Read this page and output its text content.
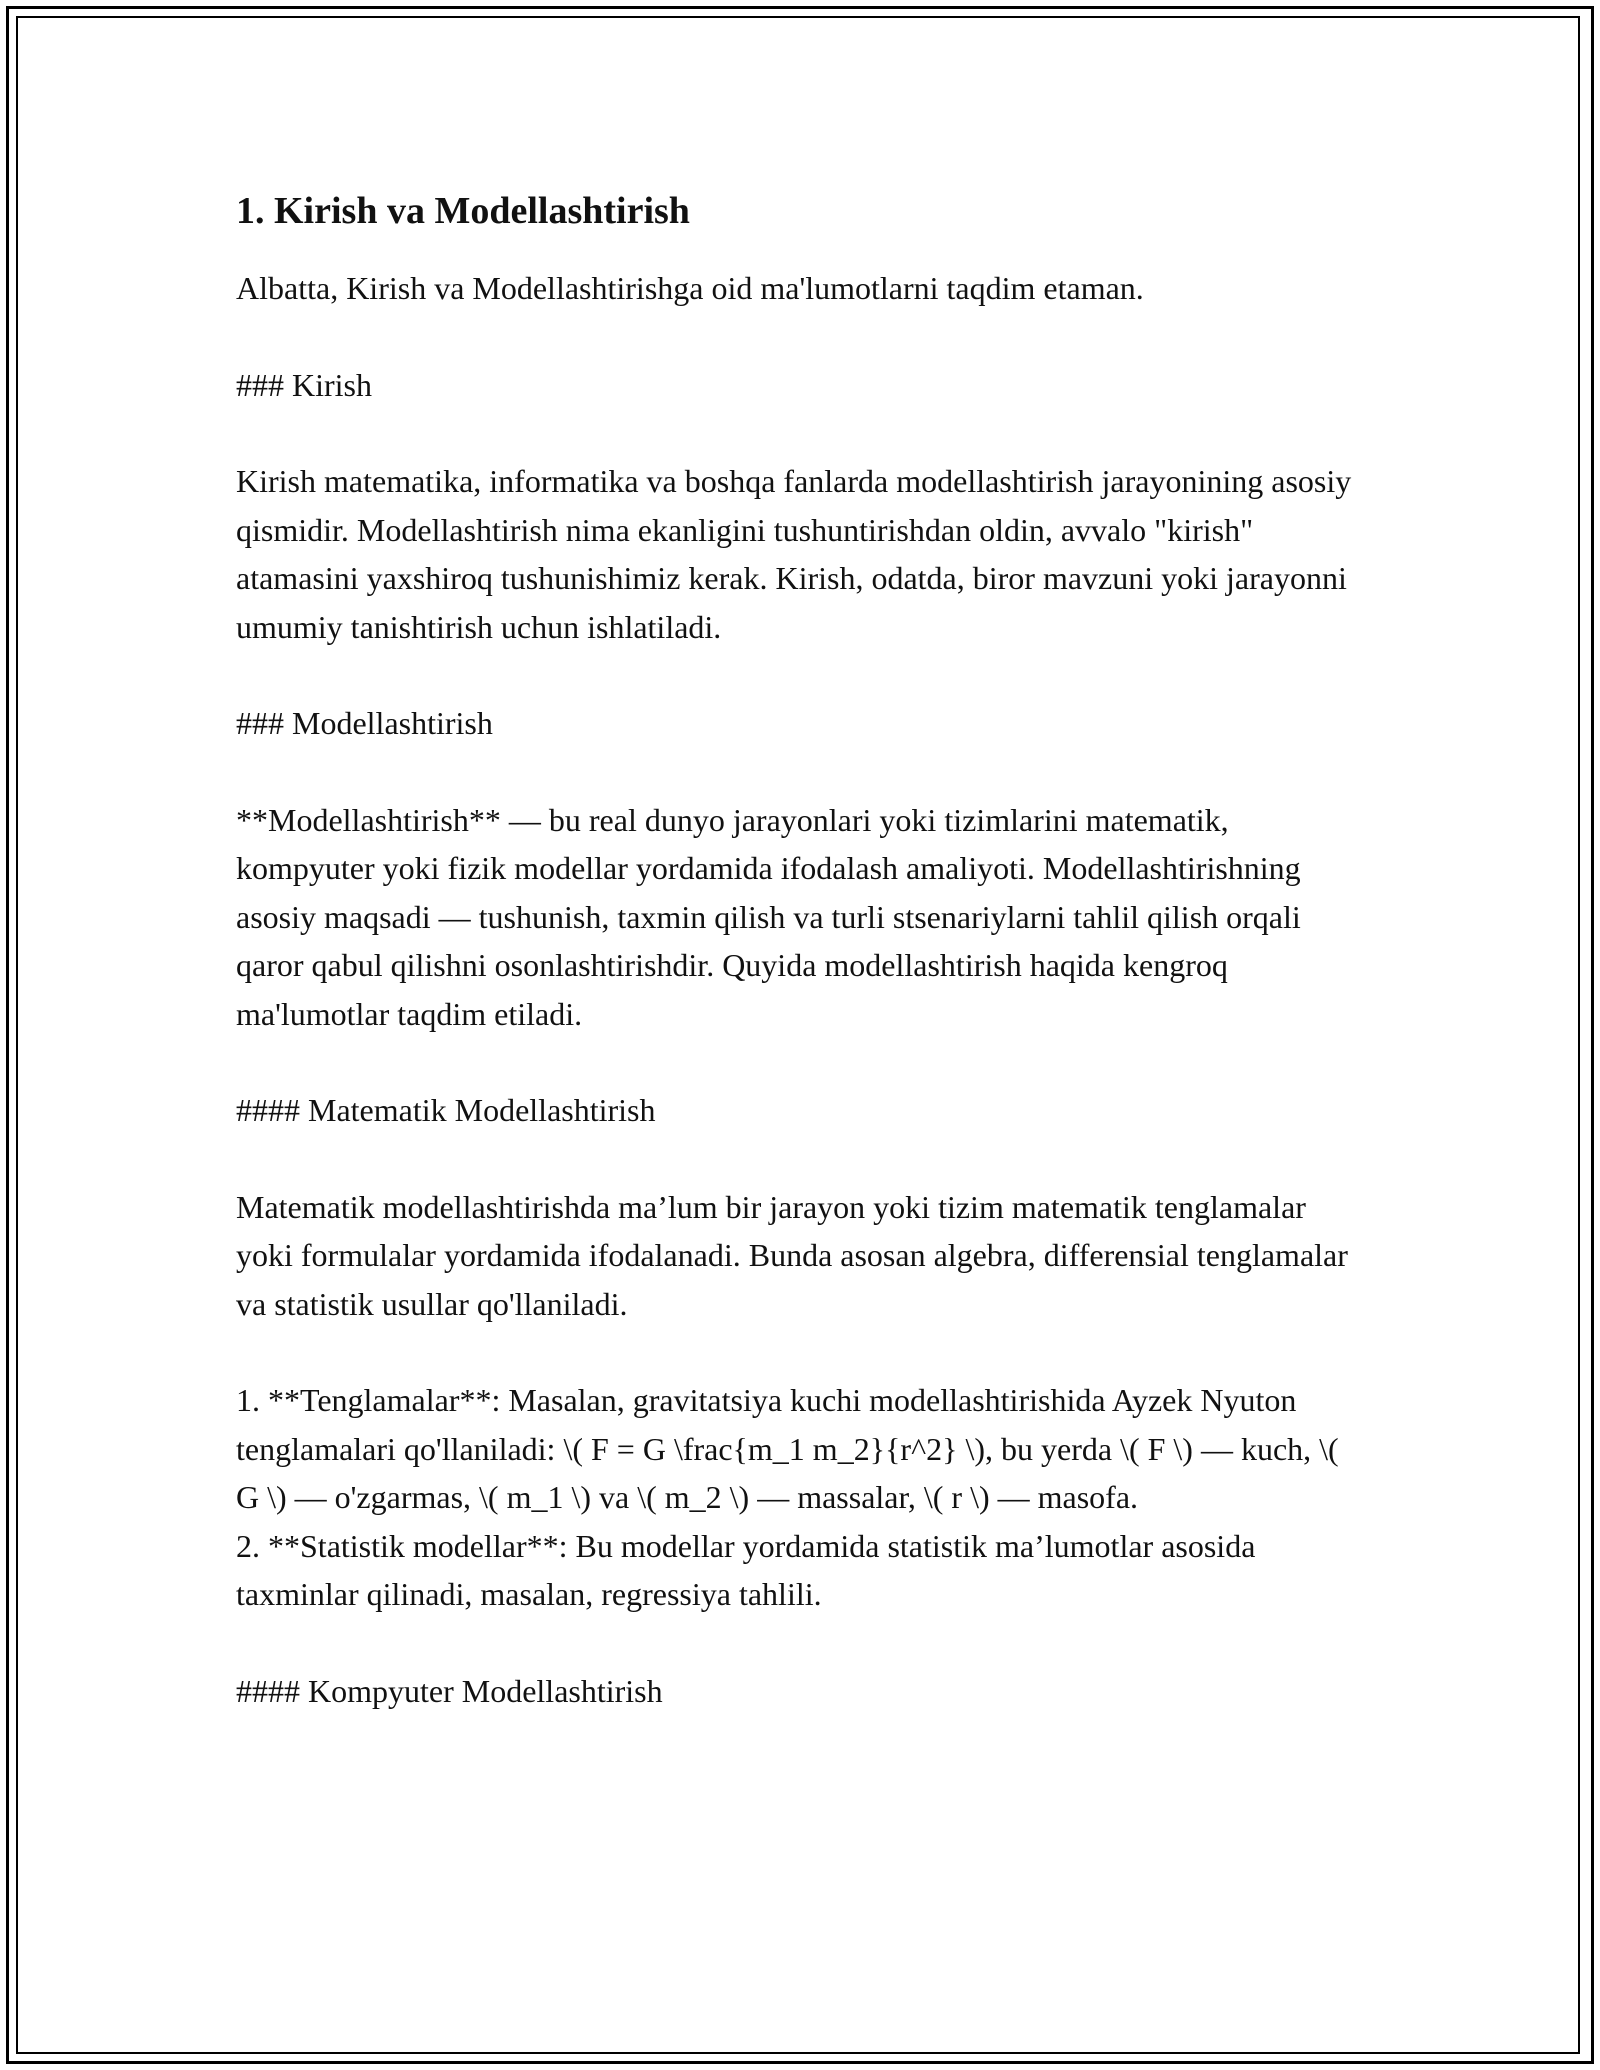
1. Kirish va Modellashtirish

Albatta, Kirish va Modellashtirishga oid ma'lumotlarni taqdim etaman.

### Kirish

Kirish matematika, informatika va boshqa fanlarda modellashtirish jarayonining asosiy qismidir. Modellashtirish nima ekanligini tushuntirishdan oldin, avvalo "kirish" atamasini yaxshiroq tushunishimiz kerak. Kirish, odatda, biror mavzuni yoki jarayonni umumiy tanishtirish uchun ishlatiladi.

### Modellashtirish

**Modellashtirish** — bu real dunyo jarayonlari yoki tizimlarini matematik, kompyuter yoki fizik modellar yordamida ifodalash amaliyoti. Modellashtirishning asosiy maqsadi — tushunish, taxmin qilish va turli stsenariylarni tahlil qilish orqali qaror qabul qilishni osonlashtirishdir. Quyida modellashtirish haqida kengroq ma'lumotlar taqdim etiladi.

#### Matematik Modellashtirish

Matematik modellashtirishda ma’lum bir jarayon yoki tizim matematik tenglamalar yoki formulalar yordamida ifodalanadi. Bunda asosan algebra, differensial tenglamalar va statistik usullar qo'llaniladi.

1. **Tenglamalar**: Masalan, gravitatsiya kuchi modellashtirishida Ayzek Nyuton tenglamalari qo'llaniladi: \( F = G \frac{m_1 m_2}{r^2} \), bu yerda \( F \) — kuch, \( G \) — o'zgarmas, \( m_1 \) va \( m_2 \) — massalar, \( r \) — masofa.

2. **Statistik modellar**: Bu modellar yordamida statistik ma’lumotlar asosida taxminlar qilinadi, masalan, regressiya tahlili.

#### Kompyuter Modellashtirish
